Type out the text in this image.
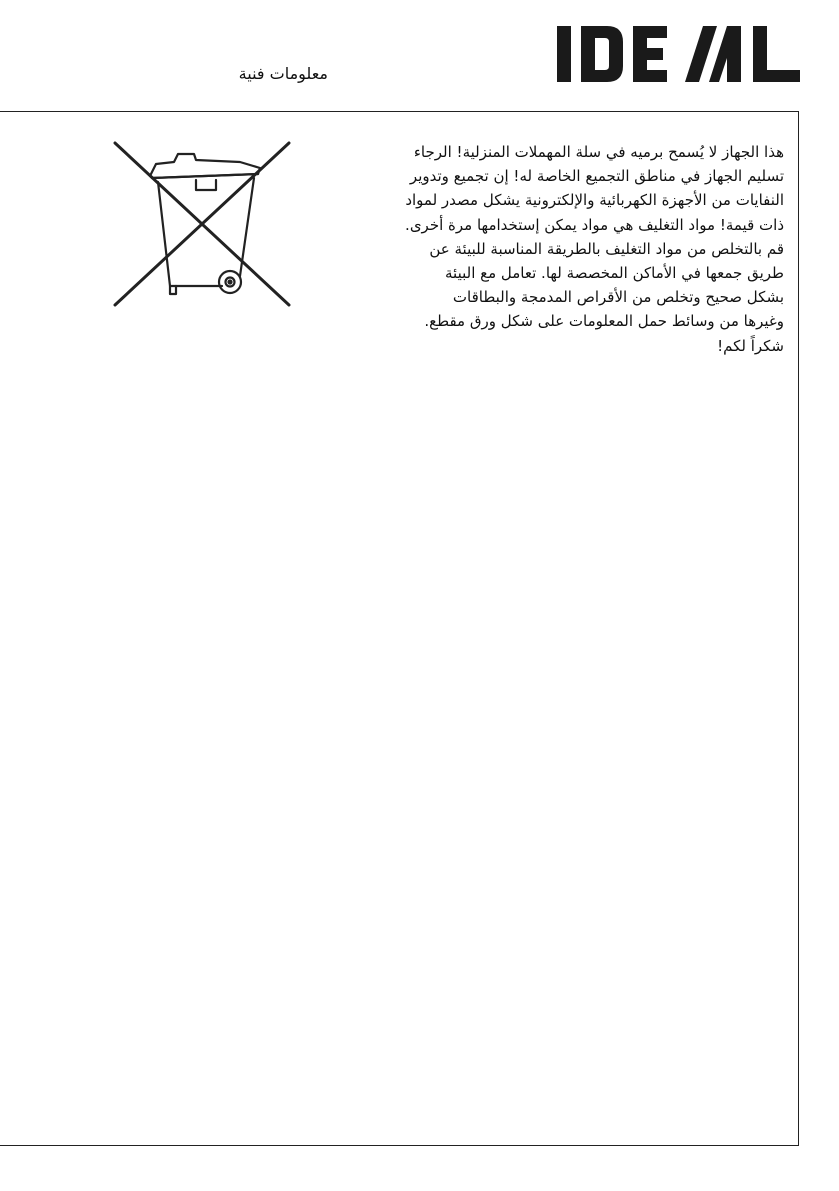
معلومات فنية
هذا الجهاز لا يُسمح برميه في سلة المهملات المنزلية! الرجاء
تسليم الجهاز في مناطق التجميع الخاصة له! إن تجميع وتدوير
النفايات من الأجهزة الكهربائية والإلكترونية يشكل مصدر لمواد
ذات قيمة! مواد التغليف هي مواد يمكن إستخدامها مرة أخرى.
قم بالتخلص من مواد التغليف بالطريقة المناسبة للبيئة عن
طريق جمعها في الأماكن المخصصة لها. تعامل مع البيئة
بشكل صحيح وتخلص من الأقراص المدمجة والبطاقات
وغيرها من وسائط حمل المعلومات على شكل ورق مقطع.
شكراً لكم!
